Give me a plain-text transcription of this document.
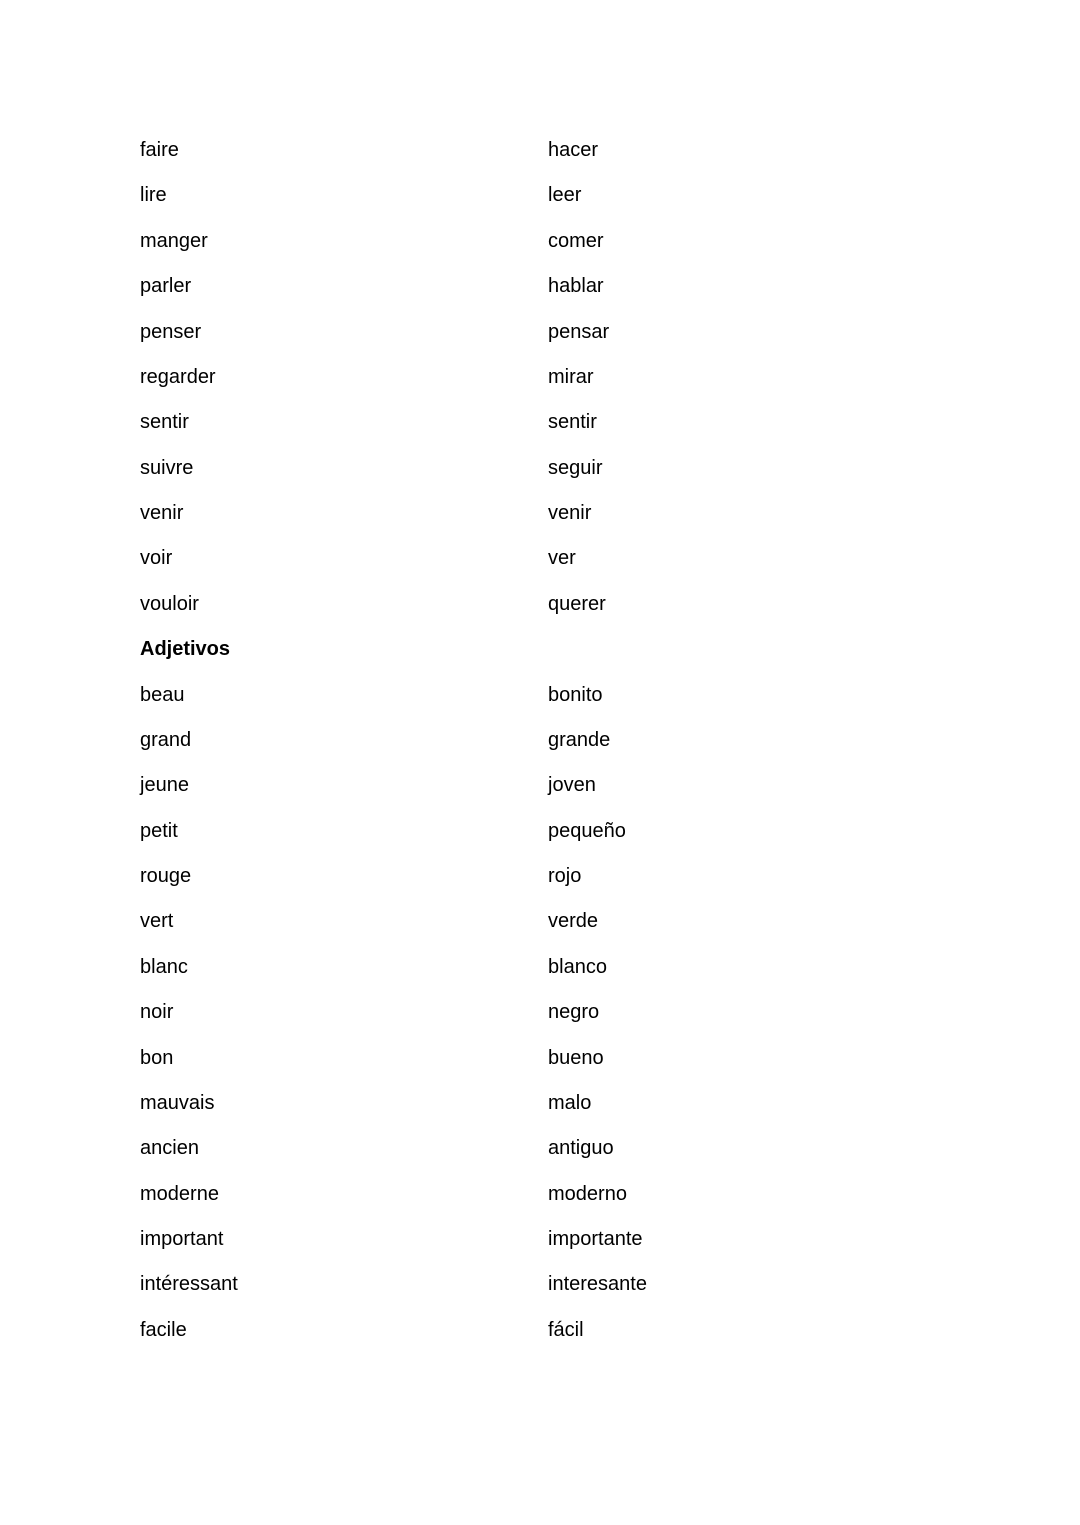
faire	hacer
lire	leer
manger	comer
parler	hablar
penser	pensar
regarder	mirar
sentir	sentir
suivre	seguir
venir	venir
voir	ver
vouloir	querer
Adjetivos
beau	bonito
grand	grande
jeune	joven
petit	pequeño
rouge	rojo
vert	verde
blanc	blanco
noir	negro
bon	bueno
mauvais	malo
ancien	antiguo
moderne	moderno
important	importante
intéressant	interesante
facile	fácil
